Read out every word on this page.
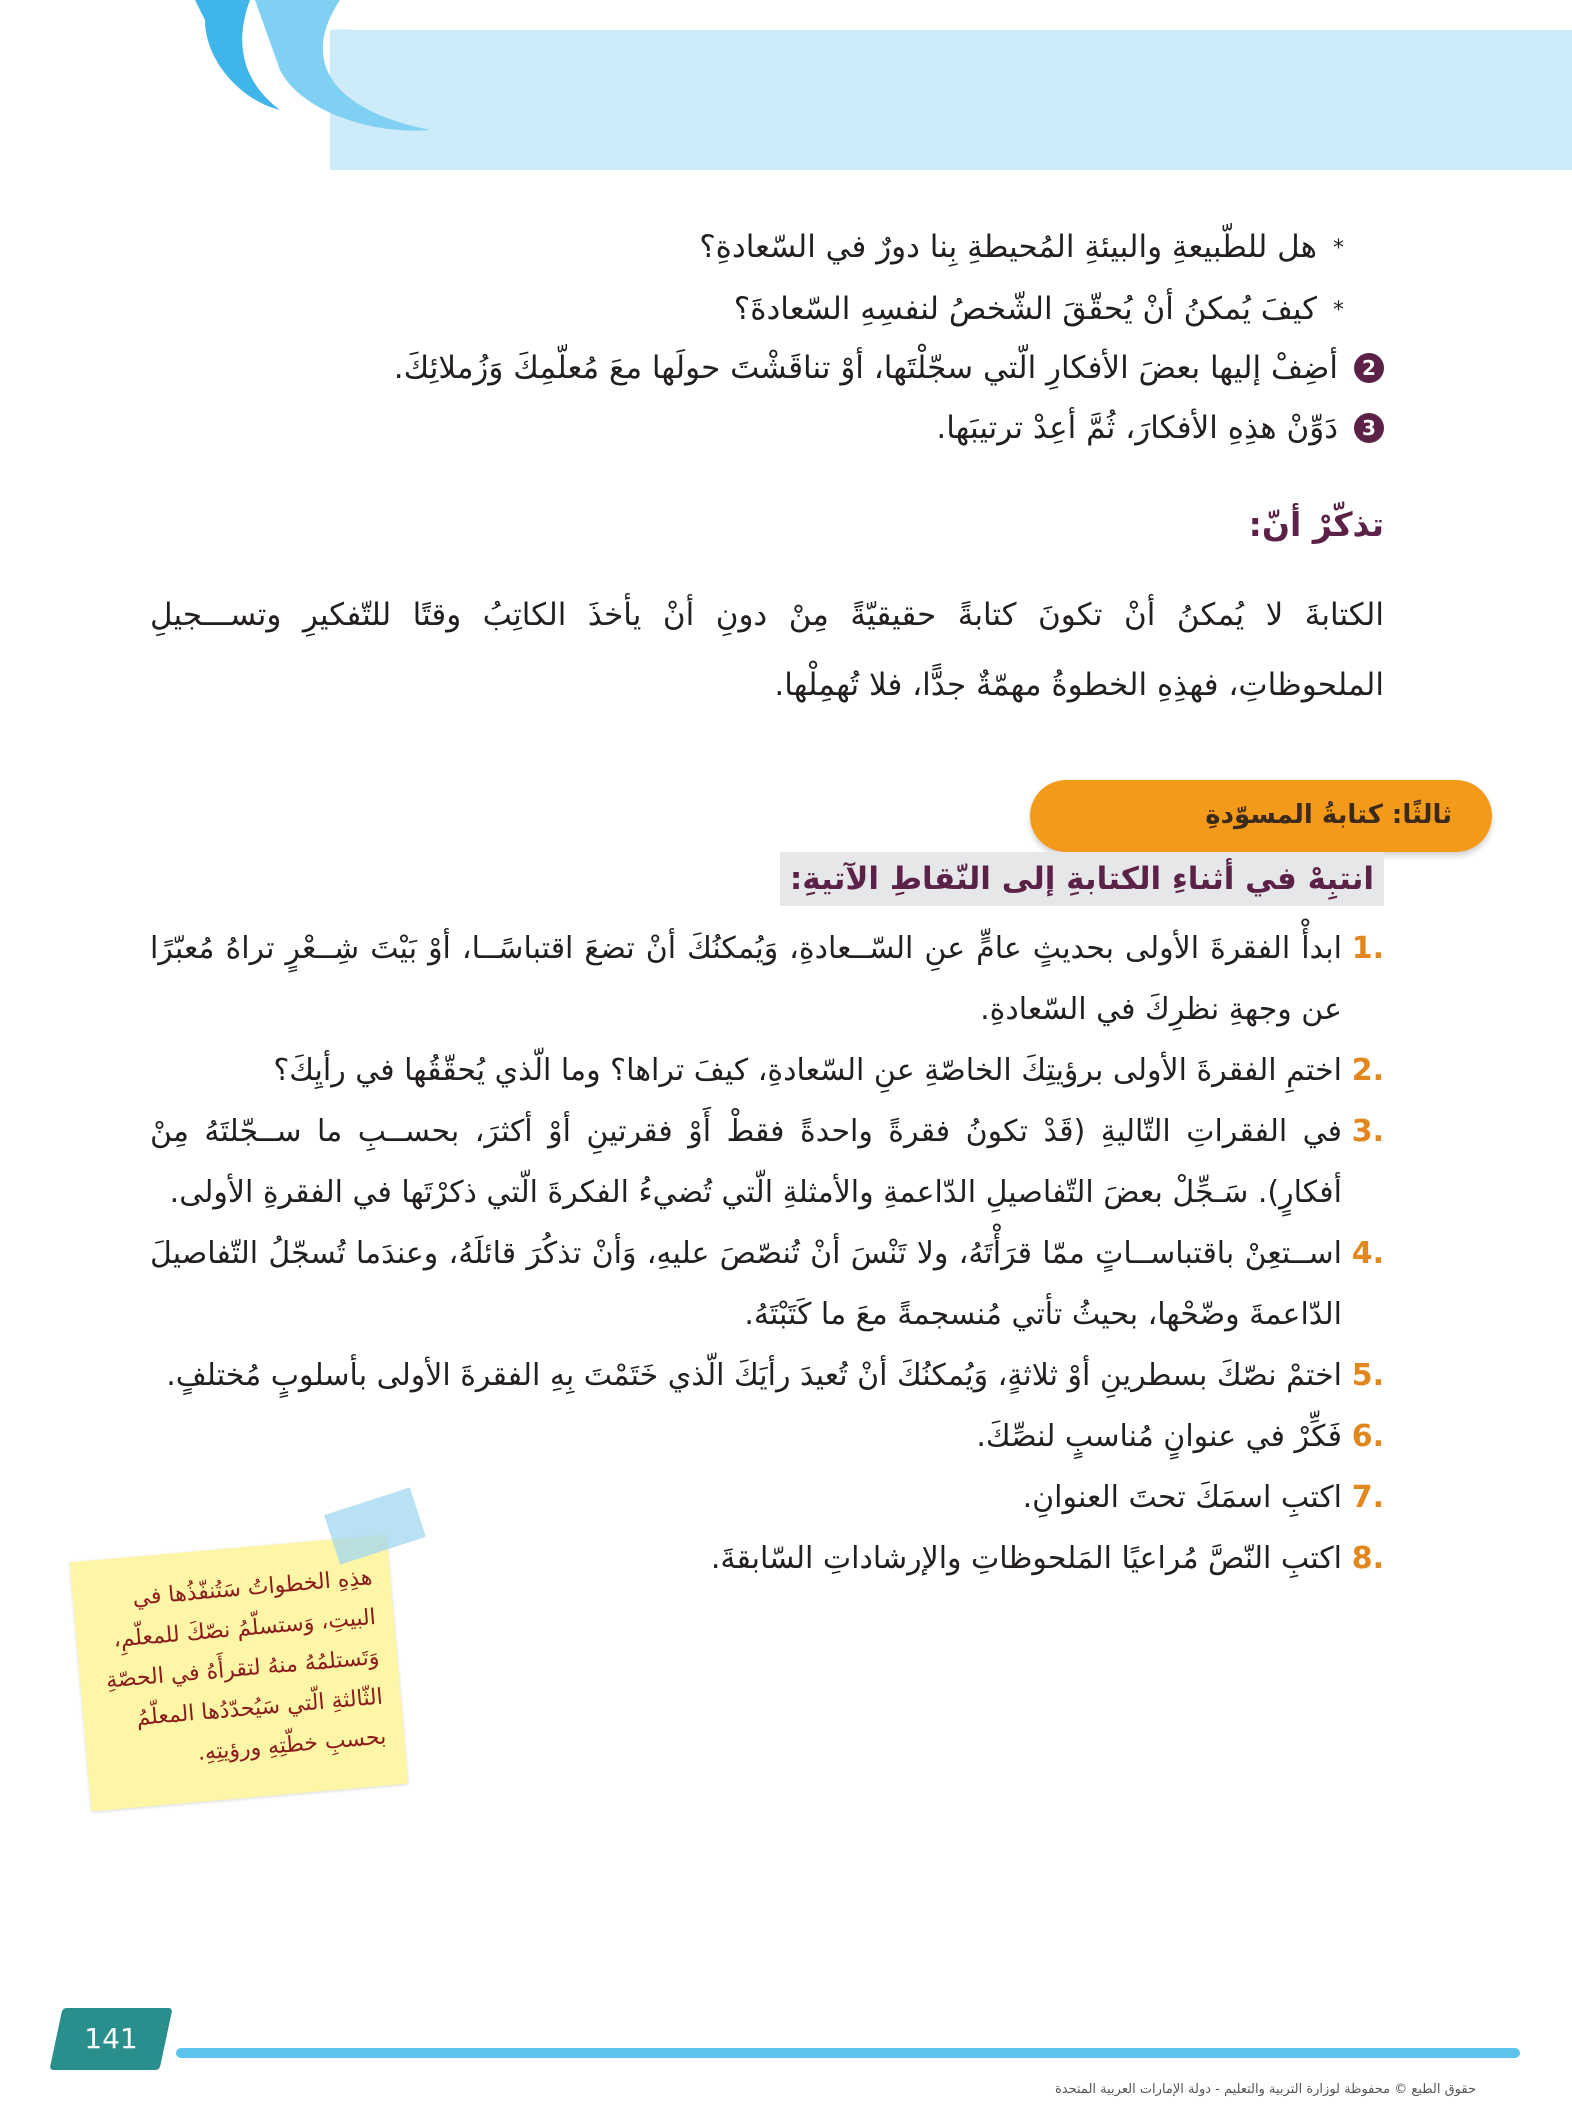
*هل للطّبيعةِ والبيئةِ المُحيطةِ بِنا دورٌ في السّعادةِ؟
*كيفَ يُمكنُ أنْ يُحقّقَ الشّخصُ لنفسِهِ السّعادةَ؟
2
أضِفْ إليها بعضَ الأفكارِ الّتي سجّلْتَها، أوْ تناقَشْتَ حولَها معَ مُعلّمِكَ وَزُملائِكَ.
3
دَوِّنْ هذِهِ الأفكارَ، ثُمَّ أعِدْ ترتيبَها.
تذكّرْ أنّ:
الكتابةَ لا يُمكنُ أنْ تكونَ كتابةً حقيقيّةً مِنْ دونِ أنْ يأخذَ الكاتِبُ وقتًا للتّفكيرِ وتســـجيلِ الملحوظاتِ، فهذِهِ الخطوةُ مهمّةٌ جدًّا، فلا تُهمِلْها.
ثالثًا: كتابةُ المسوّدةِ
انتبِهْ في أثناءِ الكتابةِ إلى النّقاطِ الآتيةِ:
.1
ابدأْ الفقرةَ الأولى بحديثٍ عامٍّ عنِ السّــعادةِ، وَيُمكنُكَ أنْ تضعَ اقتباسًــا، أوْ بَيْتَ شِــعْرٍ تراهُ مُعبّرًا عن وجهةِ نظرِكَ في السّعادةِ.
.2
اختمِ الفقرةَ الأولى برؤيتِكَ الخاصّةِ عنِ السّعادةِ، كيفَ تراها؟ وما الّذي يُحقّقُها في رأيِكَ؟
.3
في الفقراتِ التّاليةِ (قَدْ تكونُ فقرةً واحدةً فقطْ أَوْ فقرتينِ أوْ أكثرَ، بحســبِ ما ســجّلتَهُ مِنْ أفكارٍ). سَـجِّلْ بعضَ التّفاصيلِ الدّاعمةِ والأمثلةِ الّتي تُضيءُ الفكرةَ الّتي ذكرْتَها في الفقرةِ الأولى.
.4
اســتعِنْ باقتباســاتٍ ممّا قرَأْتَهُ، ولا تَنْسَ أنْ تُنصّصَ عليهِ، وَأنْ تذكُرَ قائلَهُ، وعندَما تُسجّلُ التّفاصيلَ الدّاعمةَ وضّحْها، بحيثُ تأتي مُنسجمةً معَ ما كَتَبْتَهُ.
.5
اختمْ نصّكَ بسطرينِ أوْ ثلاثةٍ، وَيُمكنُكَ أنْ تُعيدَ رأيَكَ الّذي خَتَمْتَ بِهِ الفقرةَ الأولى بأسلوبٍ مُختلفٍ.
.6
فَكِّرْ في عنوانٍ مُناسبٍ لنصِّكَ.
.7
اكتبِ اسمَكَ تحتَ العنوانِ.
.8
اكتبِ النّصَّ مُراعيًا المَلحوظاتِ والإرشاداتِ السّابقةَ.
هذِهِ الخطواتُ سَتُنفّذُها في البيتِ، وَستسلّمُ نصّكَ للمعلّمِ، وَتَستلمُهُ منهُ لتقرأَهُ في الحصّةِ الثّالثةِ الّتي سَيُحدّدُها المعلّمُ بحسبِ خطّتِهِ ورؤيتِهِ.
141
حقوق الطبع © محفوظة لوزارة التربية والتعليم - دولة الإمارات العربية المتحدة
